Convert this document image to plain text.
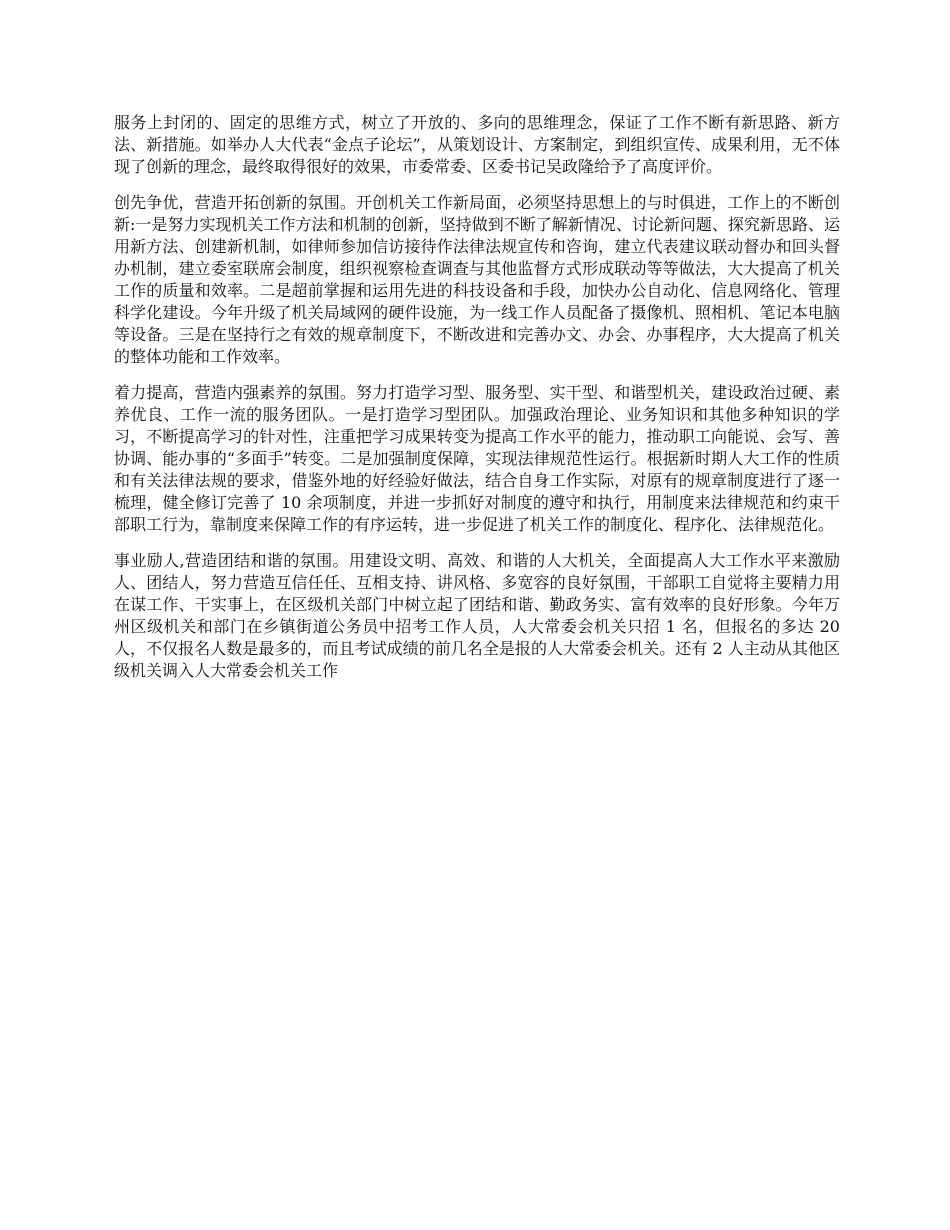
服务上封闭的、固定的思维方式，树立了开放的、多向的思维理念，保证了工作不断有新思路、新方法、新措施。如举办人大代表“金点子论坛”，从策划设计、方案制定，到组织宣传、成果利用，无不体现了创新的理念，最终取得很好的效果，市委常委、区委书记吴政隆给予了高度评价。

创先争优，营造开拓创新的氛围。开创机关工作新局面，必须坚持思想上的与时俱进，工作上的不断创新:一是努力实现机关工作方法和机制的创新，坚持做到不断了解新情况、讨论新问题、探究新思路、运用新方法、创建新机制，如律师参加信访接待作法律法规宣传和咨询，建立代表建议联动督办和回头督办机制，建立委室联席会制度，组织视察检查调查与其他监督方式形成联动等等做法，大大提高了机关工作的质量和效率。二是超前掌握和运用先进的科技设备和手段，加快办公自动化、信息网络化、管理科学化建设。今年升级了机关局域网的硬件设施，为一线工作人员配备了摄像机、照相机、笔记本电脑等设备。三是在坚持行之有效的规章制度下，不断改进和完善办文、办会、办事程序，大大提高了机关的整体功能和工作效率。

着力提高，营造内强素养的氛围。努力打造学习型、服务型、实干型、和谐型机关，建设政治过硬、素养优良、工作一流的服务团队。一是打造学习型团队。加强政治理论、业务知识和其他多种知识的学习，不断提高学习的针对性，注重把学习成果转变为提高工作水平的能力，推动职工向能说、会写、善协调、能办事的“多面手”转变。二是加强制度保障，实现法律规范性运行。根据新时期人大工作的性质和有关法律法规的要求，借鉴外地的好经验好做法，结合自身工作实际，对原有的规章制度进行了逐一梳理，健全修订完善了 10 余项制度，并进一步抓好对制度的遵守和执行，用制度来法律规范和约束干部职工行为，靠制度来保障工作的有序运转，进一步促进了机关工作的制度化、程序化、法律规范化。

事业励人,营造团结和谐的氛围。用建设文明、高效、和谐的人大机关，全面提高人大工作水平来激励人、团结人，努力营造互信任任、互相支持、讲风格、多宽容的良好氛围，干部职工自觉将主要精力用在谋工作、干实事上，在区级机关部门中树立起了团结和谐、勤政务实、富有效率的良好形象。今年万州区级机关和部门在乡镇街道公务员中招考工作人员，人大常委会机关只招 1 名，但报名的多达 20 人，不仅报名人数是最多的，而且考试成绩的前几名全是报的人大常委会机关。还有 2 人主动从其他区级机关调入人大常委会机关工作
